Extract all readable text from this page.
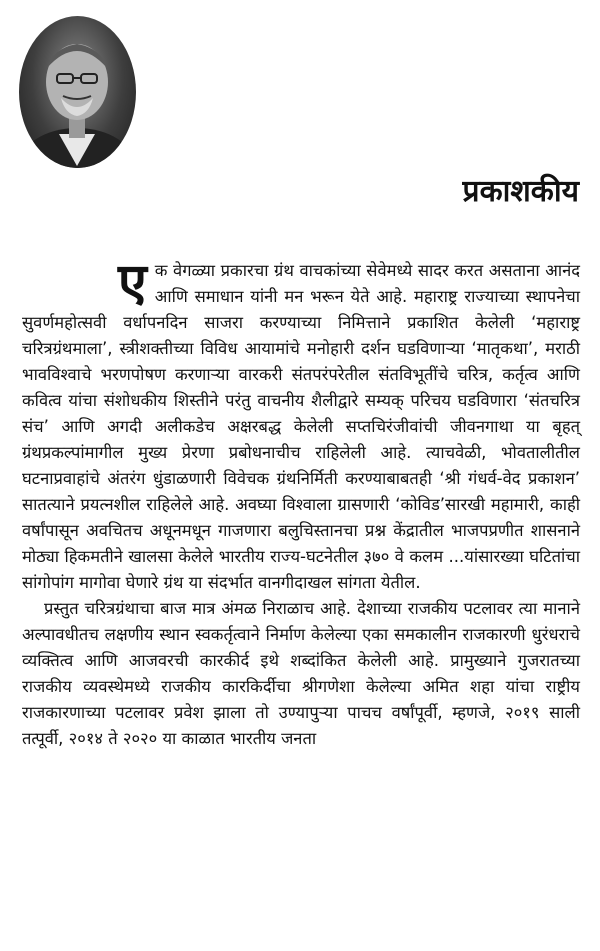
प्रकाशकीय

एक वेगळ्या प्रकारचा ग्रंथ वाचकांच्या सेवेमध्ये सादर करत असताना आनंद आणि समाधान यांनी मन भरून येते आहे. महाराष्ट्र राज्याच्या स्थापनेचा सुवर्णमहोत्सवी वर्धापनदिन साजरा करण्याच्या निमित्ताने प्रकाशित केलेली ‘महाराष्ट्र चरित्रग्रंथमाला’, स्त्रीशक्तीच्या विविध आयामांचे मनोहारी दर्शन घडविणाऱ्या ‘मातृकथा’, मराठी भावविश्वाचे भरणपोषण करणाऱ्या वारकरी संतपरंपरेतील संतविभूतींचे चरित्र, कर्तृत्व आणि कवित्व यांचा संशोधकीय शिस्तीने परंतु वाचनीय शैलीद्वारे सम्यक् परिचय घडविणारा ‘संतचरित्र संच’ आणि अगदी अलीकडेच अक्षरबद्ध केलेली सप्तचिरंजीवांची जीवनगाथा या बृहत् ग्रंथप्रकल्पांमागील मुख्य प्रेरणा प्रबोधनाचीच राहिलेली आहे. त्याचवेळी, भोवतालीतील घटनाप्रवाहांचे अंतरंग धुंडाळणारी विवेचक ग्रंथनिर्मिती करण्याबाबतही ‘श्री गंधर्व-वेद प्रकाशन’ सातत्याने प्रयत्नशील राहिलेले आहे. अवघ्या विश्वाला ग्रासणारी ‘कोविड’सारखी महामारी, काही वर्षांपासून अवचितच अधूनमधून गाजणारा बलुचिस्तानचा प्रश्न केंद्रातील भाजपप्रणीत शासनाने मोठ्या हिकमतीने खालसा केलेले भारतीय राज्य-घटनेतील ३७० वे कलम ...यांसारख्या घटितांचा सांगोपांग मागोवा घेणारे ग्रंथ या संदर्भात वानगीदाखल सांगता येतील.

प्रस्तुत चरित्रग्रंथाचा बाज मात्र अंमळ निराळाच आहे. देशाच्या राजकीय पटलावर त्या मानाने अल्पावधीतच लक्षणीय स्थान स्वकर्तृत्वाने निर्माण केलेल्या एका समकालीन राजकारणी धुरंधराचे व्यक्तित्व आणि आजवरची कारकीर्द इथे शब्दांकित केलेली आहे. प्रामुख्याने गुजरातच्या राजकीय व्यवस्थेमध्ये राजकीय कारकिर्दीचा श्रीगणेशा केलेल्या अमित शहा यांचा राष्ट्रीय राजकारणाच्या पटलावर प्रवेश झाला तो उण्यापुऱ्या पाचच वर्षांपूर्वी, म्हणजे, २०१९ साली तत्पूर्वी, २०१४ ते २०२० या काळात भारतीय जनता
